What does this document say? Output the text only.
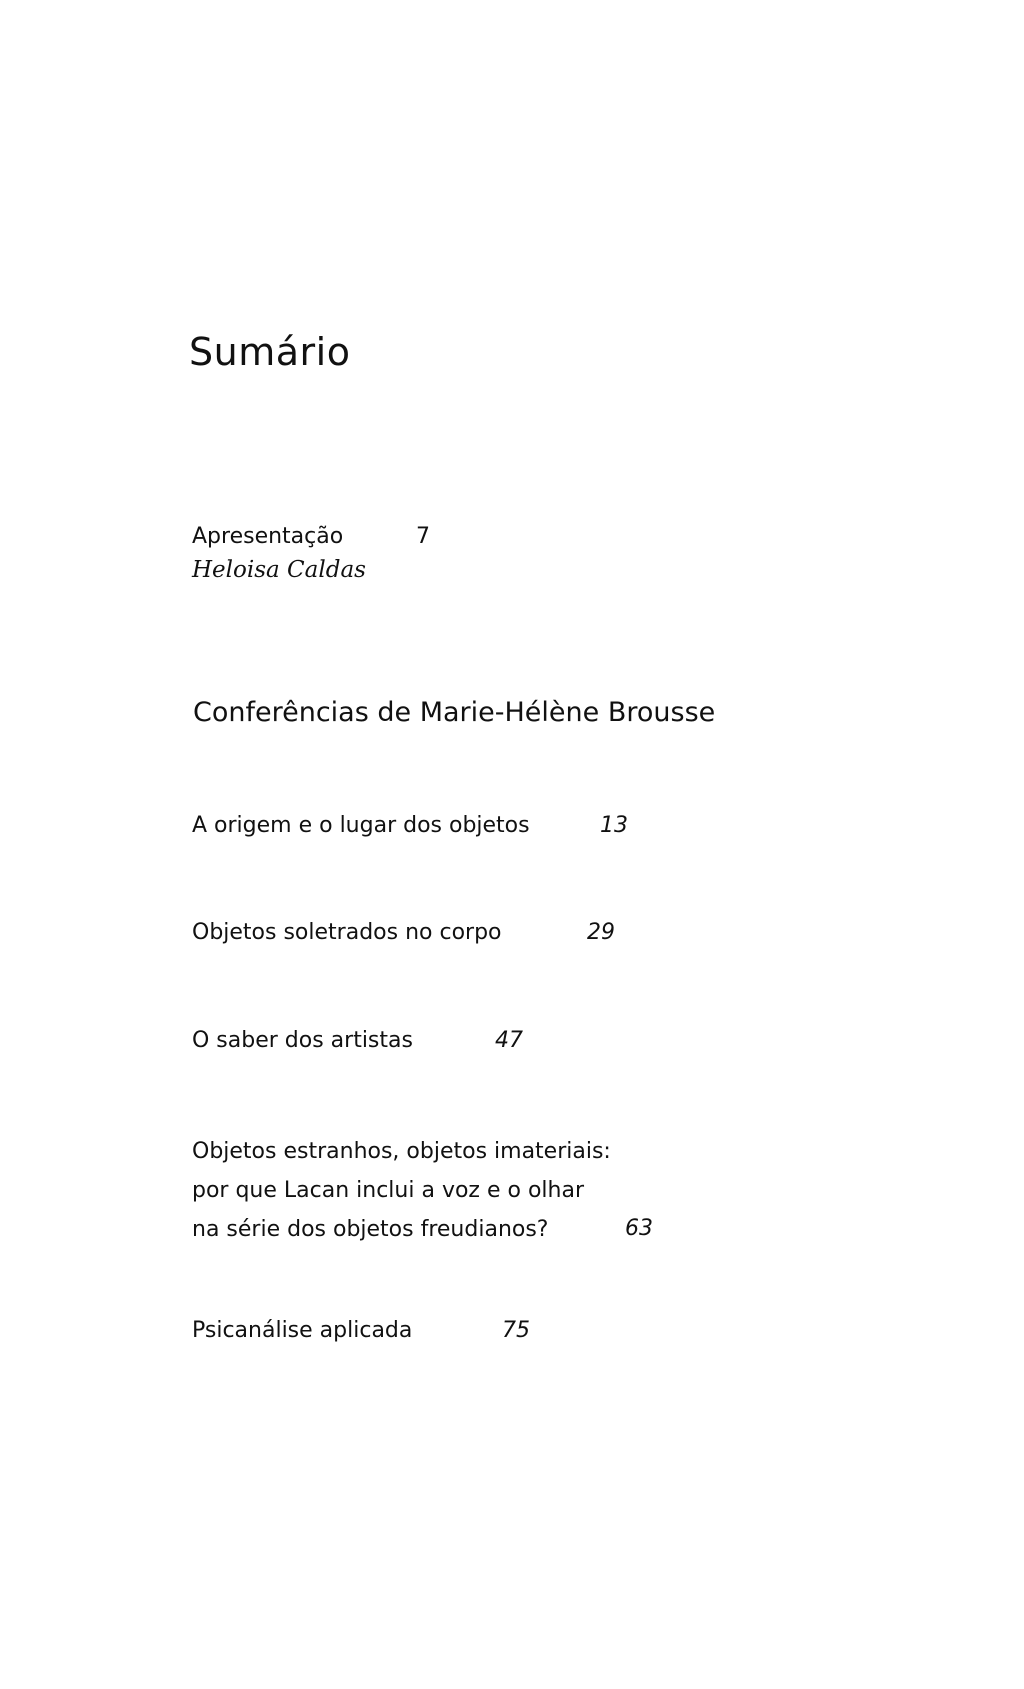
Sumário
Apresentação	7
Heloisa Caldas
Conferências de Marie-Hélène Brousse
A origem e o lugar dos objetos	13
Objetos soletrados no corpo	29
O saber dos artistas	47
Objetos estranhos, objetos imateriais:
por que Lacan inclui a voz e o olhar
na série dos objetos freudianos?	63
Psicanálise aplicada	75
